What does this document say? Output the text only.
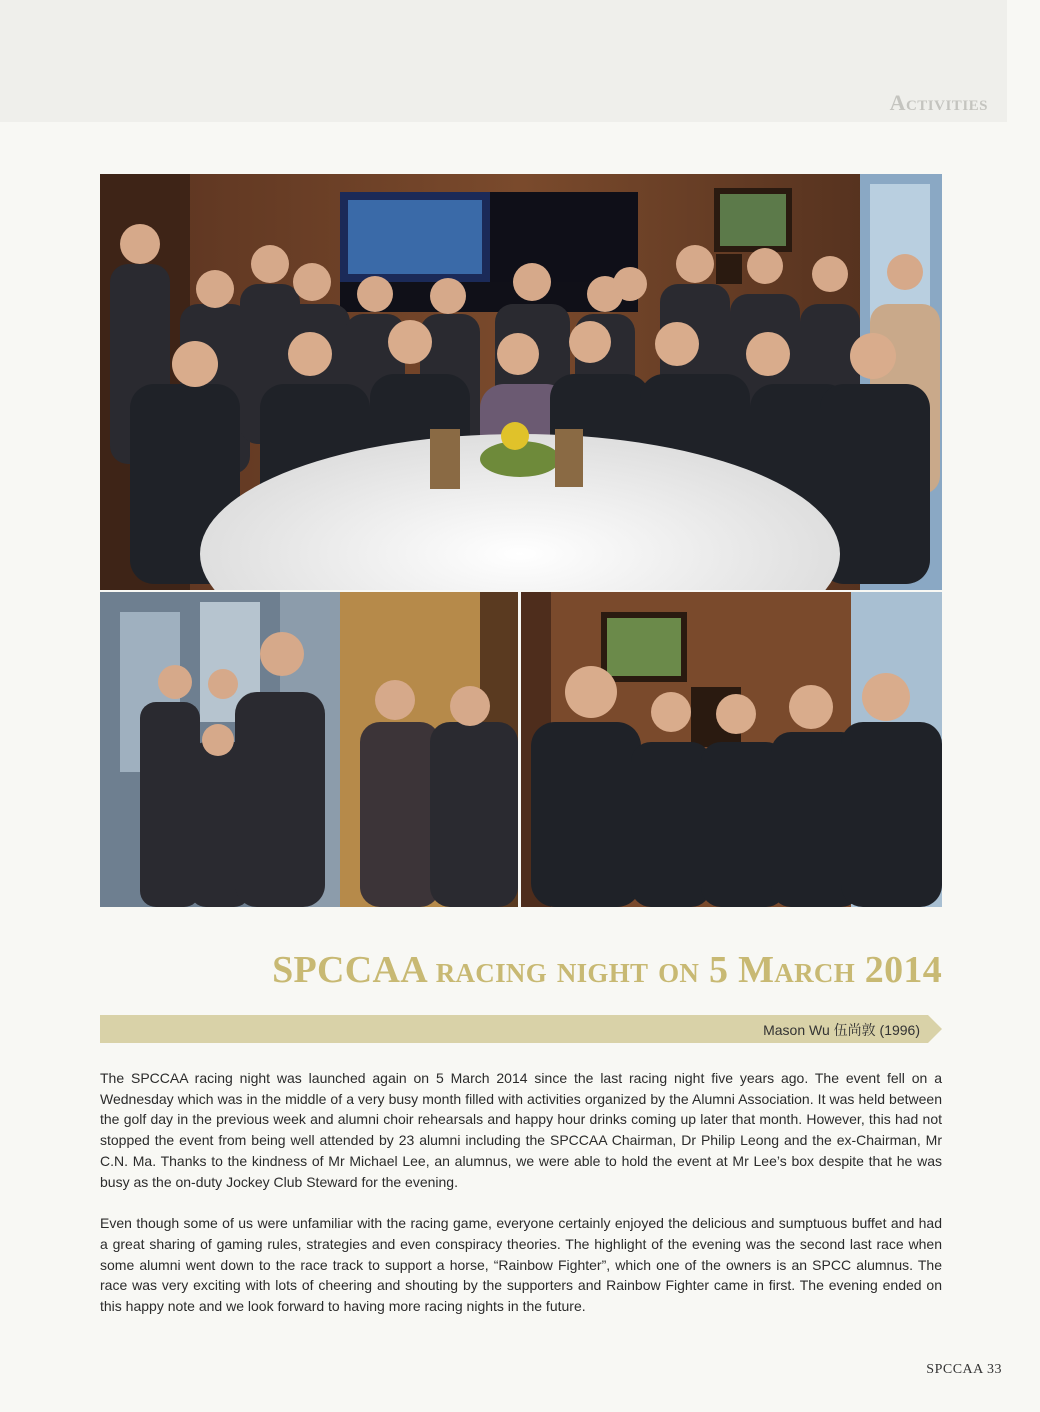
Activities
SPCCAA racing night on 5 March 2014
Mason Wu 伍尚敦 (1996)

The SPCCAA racing night was launched again on 5 March 2014 since the last racing night five years ago. The event fell on a Wednesday which was in the middle of a very busy month filled with activities organized by the Alumni Association. It was held between the golf day in the previous week and alumni choir rehearsals and happy hour drinks coming up later that month. However, this had not stopped the event from being well attended by 23 alumni including the SPCCAA Chairman, Dr Philip Leong and the ex-Chairman, Mr C.N. Ma. Thanks to the kindness of Mr Michael Lee, an alumnus, we were able to hold the event at Mr Lee’s box despite that he was busy as the on-duty Jockey Club Steward for the evening.

Even though some of us were unfamiliar with the racing game, everyone certainly enjoyed the delicious and sumptuous buffet and had a great sharing of gaming rules, strategies and even conspiracy theories. The highlight of the evening was the second last race when some alumni went down to the race track to support a horse, “Rainbow Fighter”, which one of the owners is an SPCC alumnus. The race was very exciting with lots of cheering and shouting by the supporters and Rainbow Fighter came in first. The evening ended on this happy note and we look forward to having more racing nights in the future.

SPCCAA 33
